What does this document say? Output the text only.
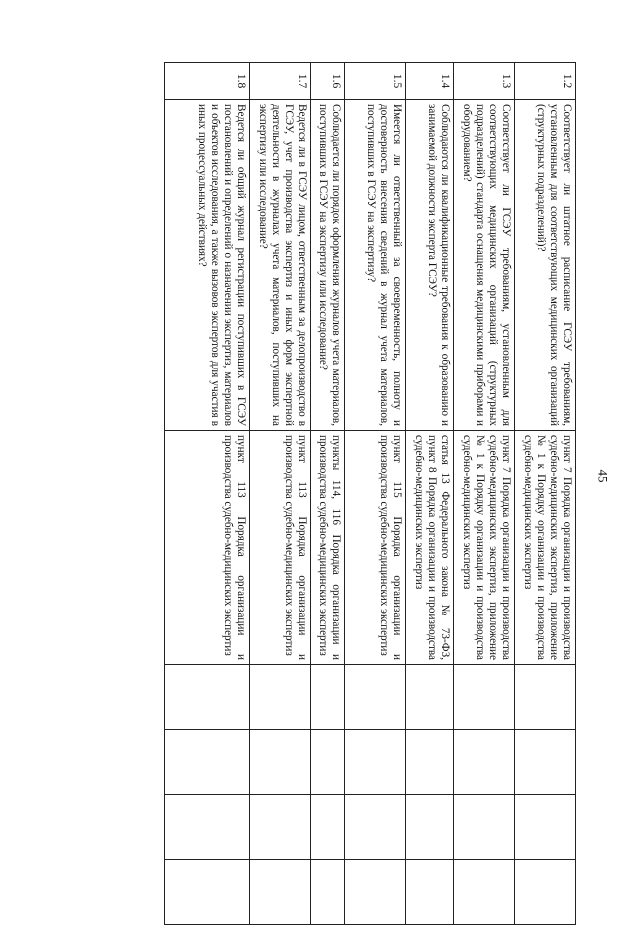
45
1.2	Соответствует ли штатное расписание ГСЭУ требованиям, установленным для соответствующих медицинских организаций (структурных подразделений)?	пункт 7 Порядка организации и производства судебно-медицинских экспертиз, приложение № 1 к Порядку организации и производства судебно-медицинских экспертиз				
1.3	Соответствует ли ГСЭУ требованиям, установленным для соответствующих медицинских организаций (структурных подразделений) стандарта оснащения медицинскими приборами и оборудованием?	пункт 7 Порядка организации и производства судебно-медицинских экспертиз, приложение № 1 к Порядку организации и производства судебно-медицинских экспертиз				
1.4	Соблюдаются ли квалификационные требования к образованию и занимаемой должности эксперта ГСЭУ?	статья 13 Федерального закона № 73-ФЗ, пункт 8 Порядка организации и производства судебно-медицинских экспертиз				
1.5	Имеется ли ответственный за своевременность, полноту и достоверность внесения сведений в журнал учета материалов, поступивших в ГСЭУ на экспертизу?	пункт 115 Порядка организации и производства судебно-медицинских экспертиз				
1.6	Соблюдается ли порядок оформления журналов учета материалов, поступивших в ГСЭУ на экспертизу или исследование?	пункты 114, 116 Порядка организации и производства судебно-медицинских экспертиз				
1.7	Ведется ли в ГСЭУ лицом, ответственным за делопроизводство в ГСЭУ, учет производства экспертиз и иных форм экспертной деятельности в журналах учета материалов, поступивших на экспертизу или исследование?	пункт 113 Порядка организации и производства судебно-медицинских экспертиз				
1.8	Ведется ли общий журнал регистрации поступивших в ГСЭУ постановлений и определений о назначении экспертиз, материалов и объектов исследования, а также вызовов экспертов для участия в иных процессуальных действиях?	пункт 113 Порядка организации и производства судебно-медицинских экспертиз				
